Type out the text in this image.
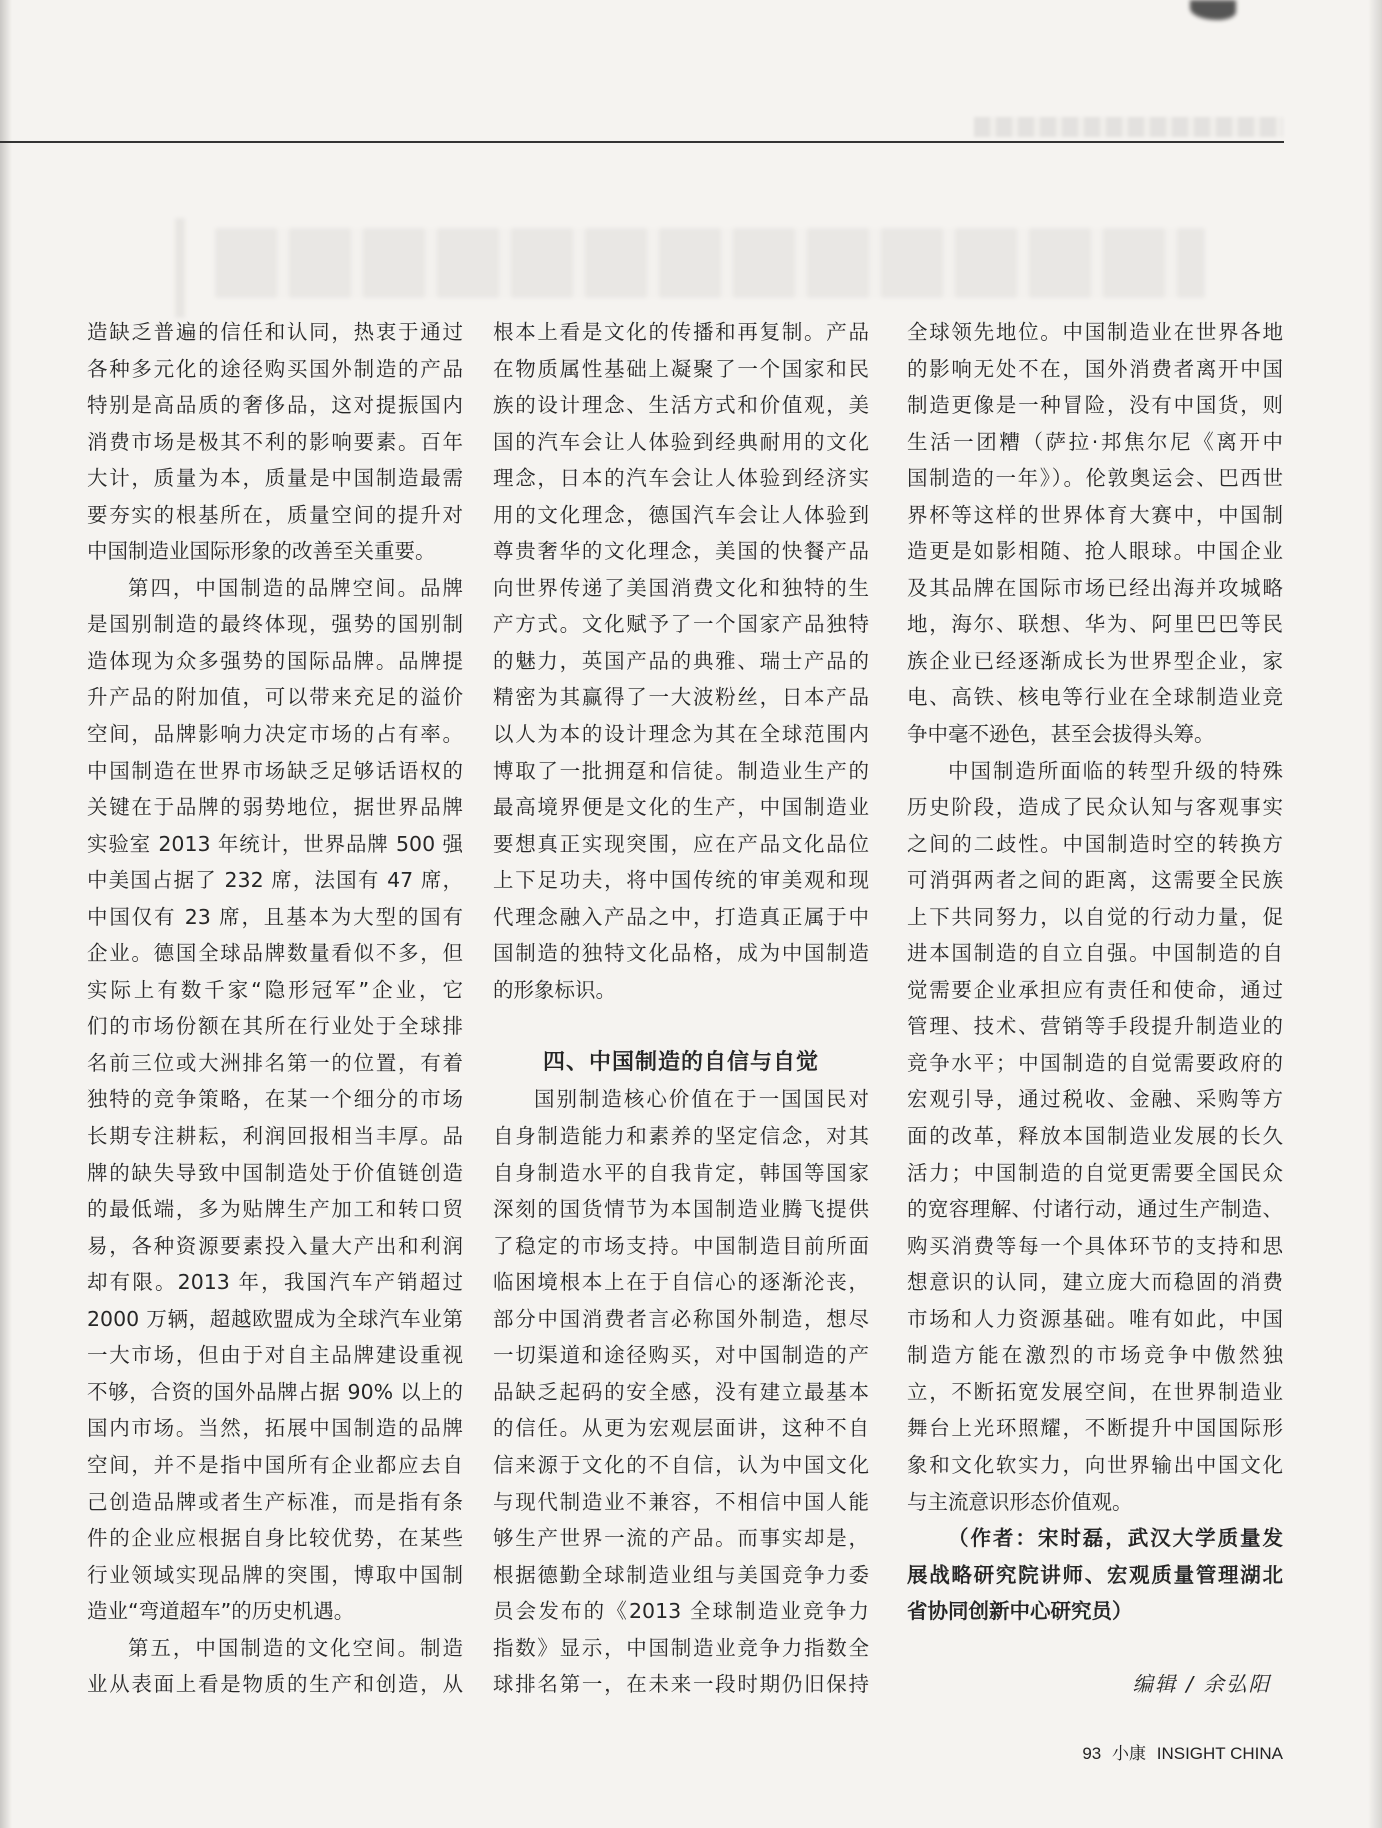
造缺乏普遍的信任和认同，热衷于通过
各种多元化的途径购买国外制造的产品
特别是高品质的奢侈品，这对提振国内
消费市场是极其不利的影响要素。百年
大计，质量为本，质量是中国制造最需
要夯实的根基所在，质量空间的提升对
中国制造业国际形象的改善至关重要。
第四，中国制造的品牌空间。品牌
是国别制造的最终体现，强势的国别制
造体现为众多强势的国际品牌。品牌提
升产品的附加值，可以带来充足的溢价
空间，品牌影响力决定市场的占有率。
中国制造在世界市场缺乏足够话语权的
关键在于品牌的弱势地位，据世界品牌
实验室 2013 年统计，世界品牌 500 强
中美国占据了 232 席，法国有 47 席，
中国仅有 23 席，且基本为大型的国有
企业。德国全球品牌数量看似不多，但
实际上有数千家“隐形冠军”企业，它
们的市场份额在其所在行业处于全球排
名前三位或大洲排名第一的位置，有着
独特的竞争策略，在某一个细分的市场
长期专注耕耘，利润回报相当丰厚。品
牌的缺失导致中国制造处于价值链创造
的最低端，多为贴牌生产加工和转口贸
易，各种资源要素投入量大产出和利润
却有限。2013 年，我国汽车产销超过
2000 万辆，超越欧盟成为全球汽车业第
一大市场，但由于对自主品牌建设重视
不够，合资的国外品牌占据 90% 以上的
国内市场。当然，拓展中国制造的品牌
空间，并不是指中国所有企业都应去自
己创造品牌或者生产标准，而是指有条
件的企业应根据自身比较优势，在某些
行业领域实现品牌的突围，博取中国制
造业“弯道超车”的历史机遇。
第五，中国制造的文化空间。制造
业从表面上看是物质的生产和创造，从
根本上看是文化的传播和再复制。产品
在物质属性基础上凝聚了一个国家和民
族的设计理念、生活方式和价值观，美
国的汽车会让人体验到经典耐用的文化
理念，日本的汽车会让人体验到经济实
用的文化理念，德国汽车会让人体验到
尊贵奢华的文化理念，美国的快餐产品
向世界传递了美国消费文化和独特的生
产方式。文化赋予了一个国家产品独特
的魅力，英国产品的典雅、瑞士产品的
精密为其赢得了一大波粉丝，日本产品
以人为本的设计理念为其在全球范围内
博取了一批拥趸和信徒。制造业生产的
最高境界便是文化的生产，中国制造业
要想真正实现突围，应在产品文化品位
上下足功夫，将中国传统的审美观和现
代理念融入产品之中，打造真正属于中
国制造的独特文化品格，成为中国制造
的形象标识。
四、中国制造的自信与自觉
国别制造核心价值在于一国国民对
自身制造能力和素养的坚定信念，对其
自身制造水平的自我肯定，韩国等国家
深刻的国货情节为本国制造业腾飞提供
了稳定的市场支持。中国制造目前所面
临困境根本上在于自信心的逐渐沦丧，
部分中国消费者言必称国外制造，想尽
一切渠道和途径购买，对中国制造的产
品缺乏起码的安全感，没有建立最基本
的信任。从更为宏观层面讲，这种不自
信来源于文化的不自信，认为中国文化
与现代制造业不兼容，不相信中国人能
够生产世界一流的产品。而事实却是，
根据德勤全球制造业组与美国竞争力委
员会发布的《2013 全球制造业竞争力
指数》显示，中国制造业竞争力指数全
球排名第一，在未来一段时期仍旧保持
全球领先地位。中国制造业在世界各地
的影响无处不在，国外消费者离开中国
制造更像是一种冒险，没有中国货，则
生活一团糟（萨拉·邦焦尔尼《离开中
国制造的一年》）。伦敦奥运会、巴西世
界杯等这样的世界体育大赛中，中国制
造更是如影相随、抢人眼球。中国企业
及其品牌在国际市场已经出海并攻城略
地，海尔、联想、华为、阿里巴巴等民
族企业已经逐渐成长为世界型企业，家
电、高铁、核电等行业在全球制造业竞
争中毫不逊色，甚至会拔得头筹。
中国制造所面临的转型升级的特殊
历史阶段，造成了民众认知与客观事实
之间的二歧性。中国制造时空的转换方
可消弭两者之间的距离，这需要全民族
上下共同努力，以自觉的行动力量，促
进本国制造的自立自强。中国制造的自
觉需要企业承担应有责任和使命，通过
管理、技术、营销等手段提升制造业的
竞争水平；中国制造的自觉需要政府的
宏观引导，通过税收、金融、采购等方
面的改革，释放本国制造业发展的长久
活力；中国制造的自觉更需要全国民众
的宽容理解、付诸行动，通过生产制造、
购买消费等每一个具体环节的支持和思
想意识的认同，建立庞大而稳固的消费
市场和人力资源基础。唯有如此，中国
制造方能在激烈的市场竞争中傲然独
立，不断拓宽发展空间，在世界制造业
舞台上光环照耀，不断提升中国国际形
象和文化软实力，向世界输出中国文化
与主流意识形态价值观。
（作者：宋时磊，武汉大学质量发
展战略研究院讲师、宏观质量管理湖北
省协同创新中心研究员）
编辑 / 余弘阳
93 小康 INSIGHT CHINA
